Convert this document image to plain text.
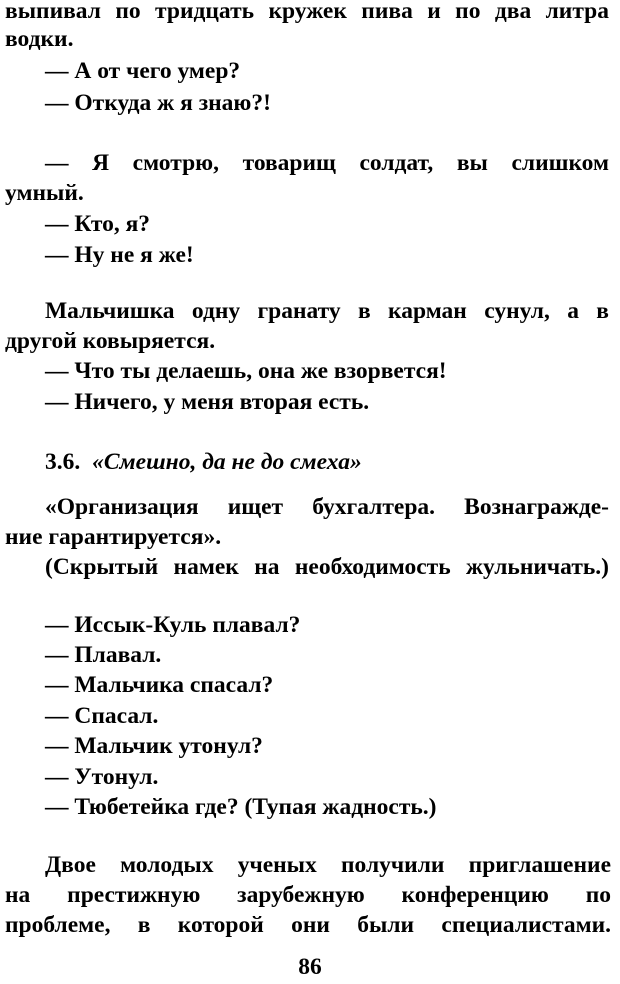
выпивал по тридцать кружек пива и по два литра
водки.
— А от чего умер?
— Откуда ж я знаю?!
— Я смотрю, товарищ солдат, вы слишком
умный.
— Кто, я?
— Ну не я же!
Мальчишка одну гранату в карман сунул, а в
другой ковыряется.
— Что ты делаешь, она же взорвется!
— Ничего, у меня вторая есть.
3.6. «Смешно, да не до смеха»
«Организация ищет бухгалтера. Вознагражде-
ние гарантируется».
(Скрытый намек на необходимость жульничать.)
— Иссык-Куль плавал?
— Плавал.
— Мальчика спасал?
— Спасал.
— Мальчик утонул?
— Утонул.
— Тюбетейка где? (Тупая жадность.)
Двое молодых ученых получили приглашение
на престижную зарубежную конференцию по
проблеме, в которой они были специалистами.
86
